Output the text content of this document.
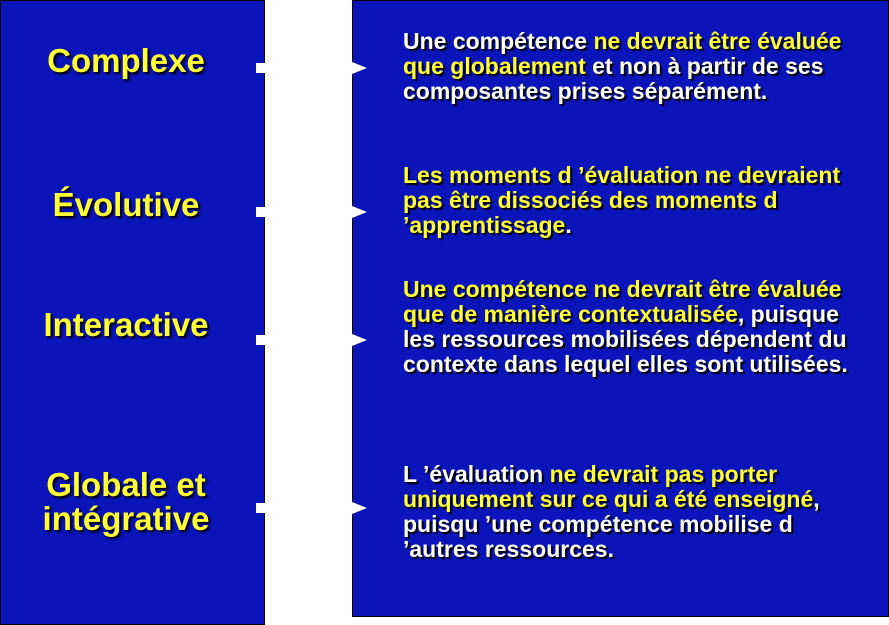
Complexe
Évolutive
Interactive
Globale et
intégrative
Une compétence ne devrait être évaluée que globalement et non à partir de ses composantes prises séparément.
Les moments d ’évaluation ne devraient pas être dissociés des moments d ’apprentissage.
Une compétence ne devrait être évaluée que de manière contextualisée, puisque les ressources mobilisées dépendent du contexte dans lequel elles sont utilisées.
L ’évaluation ne devrait pas porter uniquement sur ce qui a été enseigné, puisqu ’une compétence mobilise d ’autres ressources.
